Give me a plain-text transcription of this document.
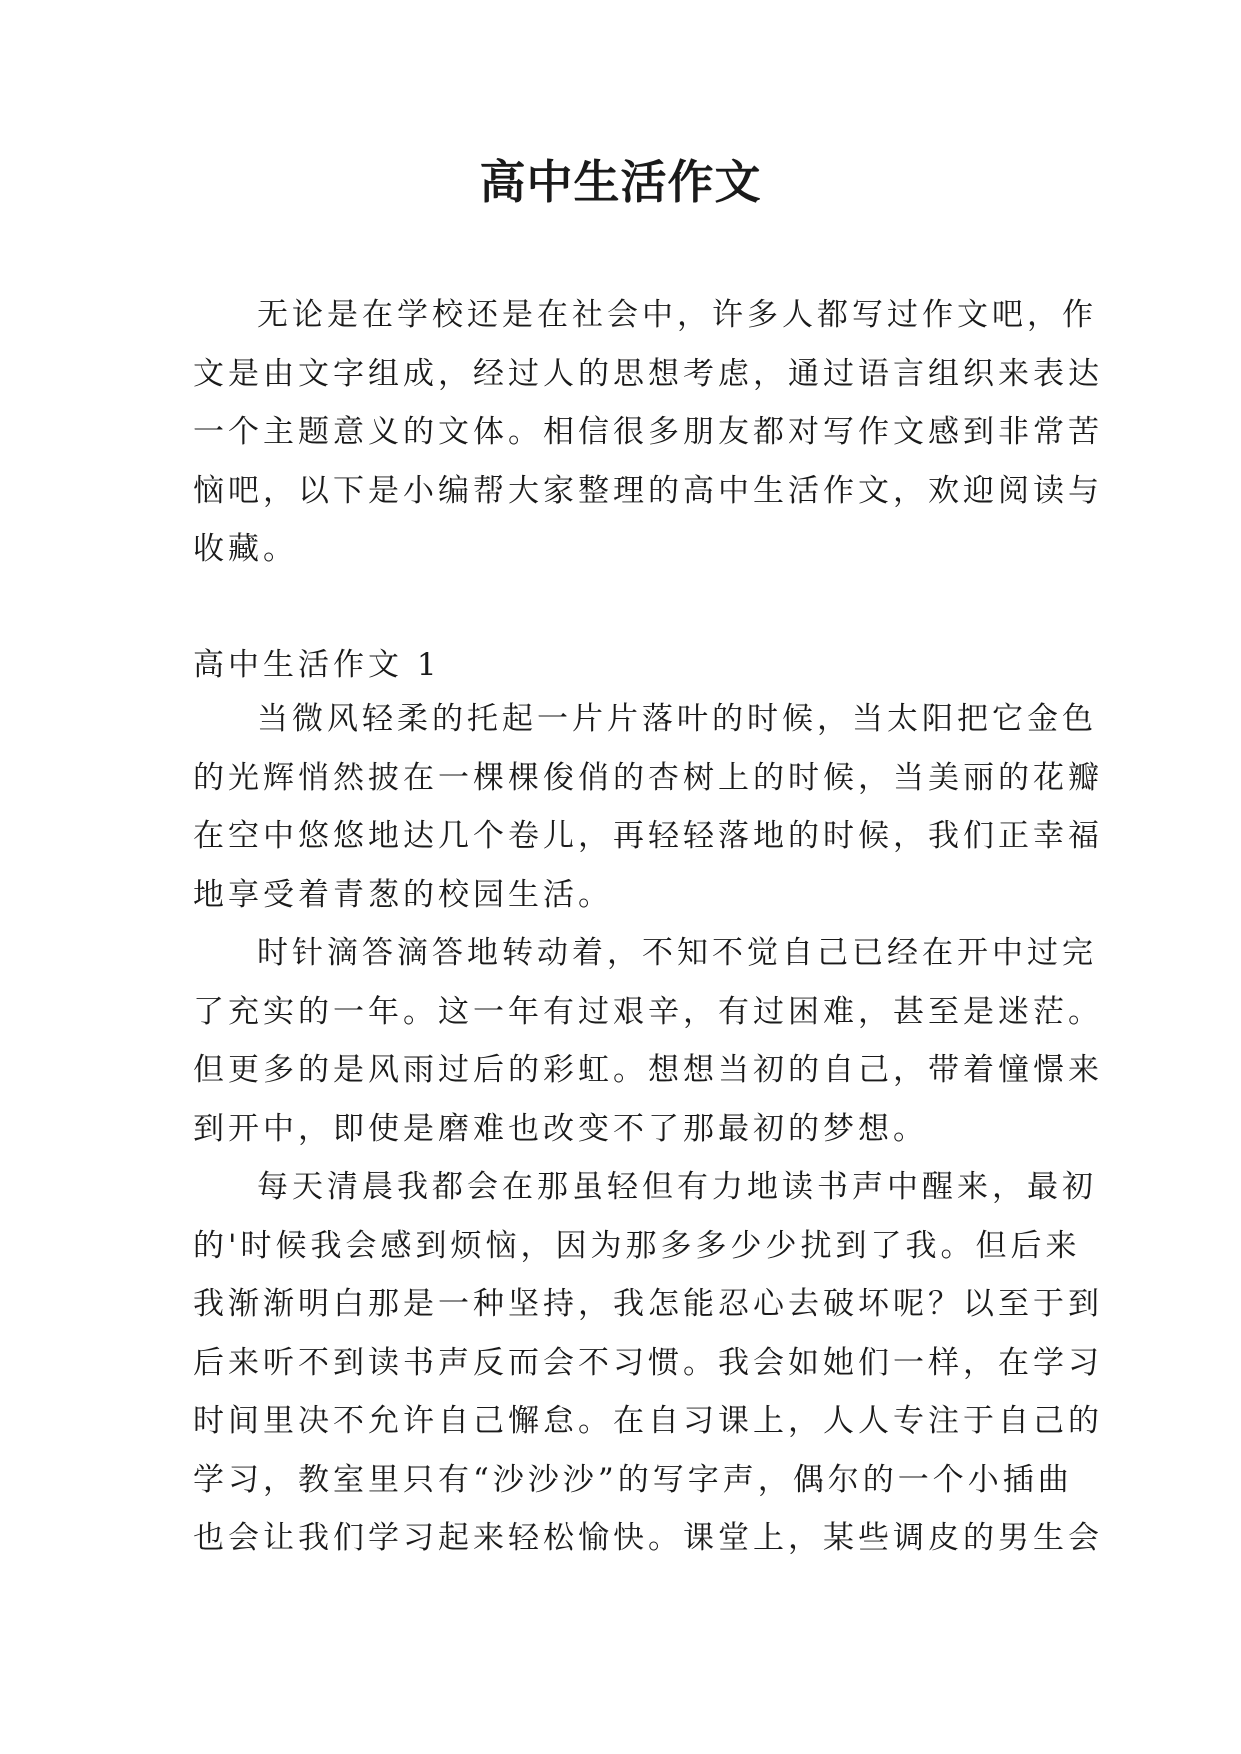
高中生活作文
无论是在学校还是在社会中，许多人都写过作文吧，作
文是由文字组成，经过人的思想考虑，通过语言组织来表达
一个主题意义的文体。相信很多朋友都对写作文感到非常苦
恼吧，以下是小编帮大家整理的高中生活作文，欢迎阅读与
收藏。
高中生活作文 1
当微风轻柔的托起一片片落叶的时候，当太阳把它金色
的光辉悄然披在一棵棵俊俏的杏树上的时候，当美丽的花瓣
在空中悠悠地达几个卷儿，再轻轻落地的时候，我们正幸福
地享受着青葱的校园生活。
时针滴答滴答地转动着，不知不觉自己已经在开中过完
了充实的一年。这一年有过艰辛，有过困难，甚至是迷茫。
但更多的是风雨过后的彩虹。想想当初的自己，带着憧憬来
到开中，即使是磨难也改变不了那最初的梦想。
每天清晨我都会在那虽轻但有力地读书声中醒来，最初
的'时候我会感到烦恼，因为那多多少少扰到了我。但后来
我渐渐明白那是一种坚持，我怎能忍心去破坏呢？以至于到
后来听不到读书声反而会不习惯。我会如她们一样，在学习
时间里决不允许自己懈怠。在自习课上，人人专注于自己的
学习，教室里只有“沙沙沙”的写字声，偶尔的一个小插曲
也会让我们学习起来轻松愉快。课堂上，某些调皮的男生会
